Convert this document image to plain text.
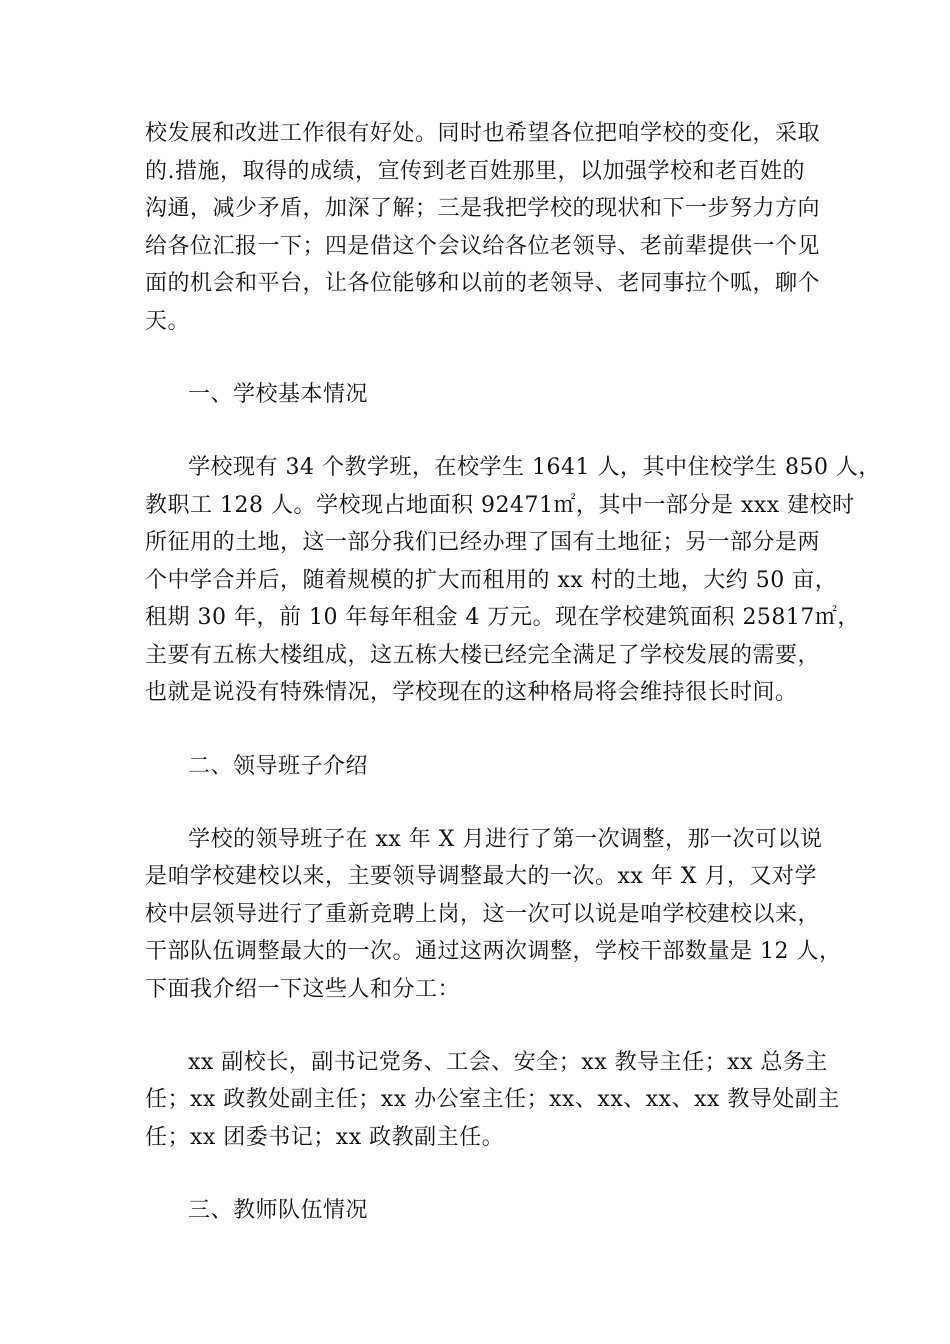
校发展和改进工作很有好处。同时也希望各位把咱学校的变化，采取
的.措施，取得的成绩，宣传到老百姓那里，以加强学校和老百姓的
沟通，减少矛盾，加深了解；三是我把学校的现状和下一步努力方向
给各位汇报一下；四是借这个会议给各位老领导、老前辈提供一个见
面的机会和平台，让各位能够和以前的老领导、老同事拉个呱，聊个
天。
一、学校基本情况
学校现有 34 个教学班，在校学生 1641 人，其中住校学生 850 人，
教职工 128 人。学校现占地面积 92471㎡，其中一部分是 xxx 建校时
所征用的土地，这一部分我们已经办理了国有土地征；另一部分是两
个中学合并后，随着规模的扩大而租用的 xx 村的土地，大约 50 亩，
租期 30 年，前 10 年每年租金 4 万元。现在学校建筑面积 25817㎡，
主要有五栋大楼组成，这五栋大楼已经完全满足了学校发展的需要，
也就是说没有特殊情况，学校现在的这种格局将会维持很长时间。
二、领导班子介绍
学校的领导班子在 xx 年 X 月进行了第一次调整，那一次可以说
是咱学校建校以来，主要领导调整最大的一次。xx 年 X 月，又对学
校中层领导进行了重新竞聘上岗，这一次可以说是咱学校建校以来，
干部队伍调整最大的一次。通过这两次调整，学校干部数量是 12 人，
下面我介绍一下这些人和分工：
xx 副校长，副书记党务、工会、安全；xx 教导主任；xx 总务主
任；xx 政教处副主任；xx 办公室主任；xx、xx、xx、xx 教导处副主
任；xx 团委书记；xx 政教副主任。
三、教师队伍情况
